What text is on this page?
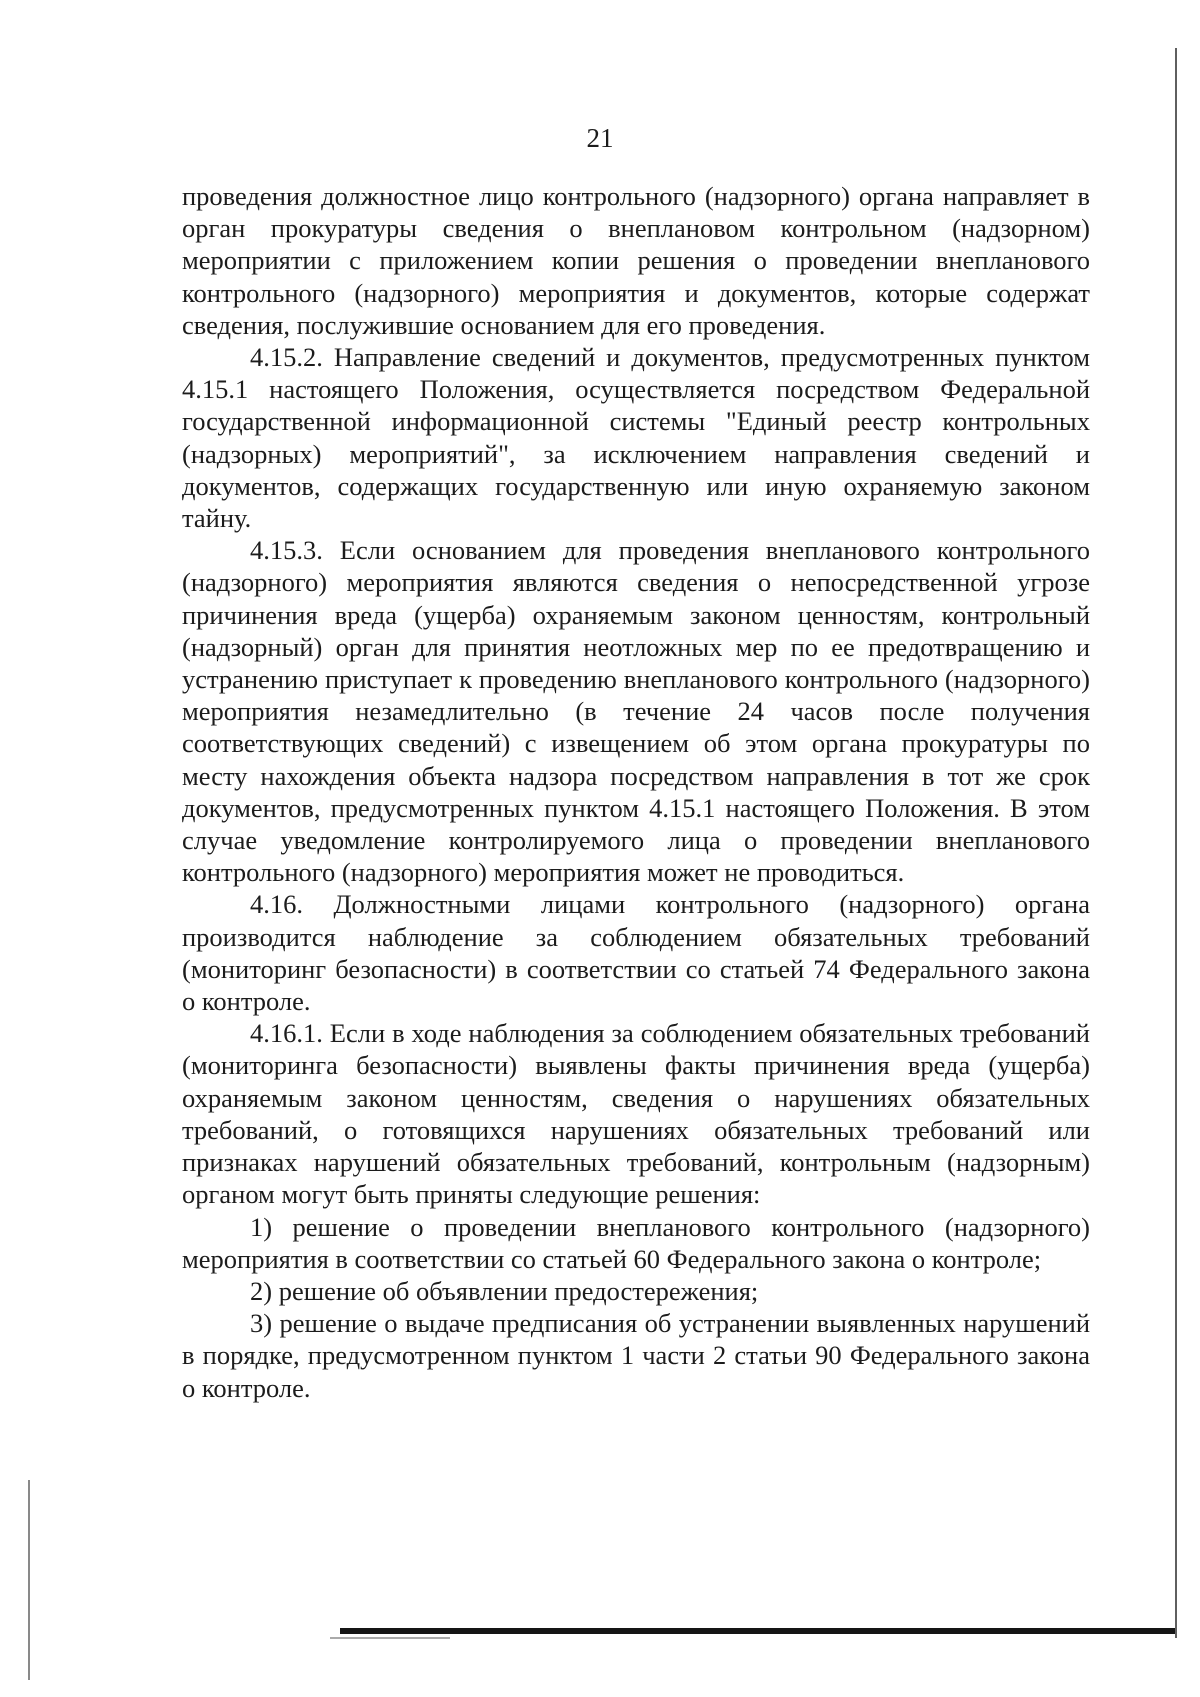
21

проведения должностное лицо контрольного (надзорного) органа направляет в орган прокуратуры сведения о внеплановом контрольном (надзорном) мероприятии с приложением копии решения о проведении внепланового контрольного (надзорного) мероприятия и документов, которые содержат сведения, послужившие основанием для его проведения.

4.15.2. Направление сведений и документов, предусмотренных пунктом 4.15.1 настоящего Положения, осуществляется посредством Федеральной государственной информационной системы "Единый реестр контрольных (надзорных) мероприятий", за исключением направления сведений и документов, содержащих государственную или иную охраняемую законом тайну.

4.15.3. Если основанием для проведения внепланового контрольного (надзорного) мероприятия являются сведения о непосредственной угрозе причинения вреда (ущерба) охраняемым законом ценностям, контрольный (надзорный) орган для принятия неотложных мер по ее предотвращению и устранению приступает к проведению внепланового контрольного (надзорного) мероприятия незамедлительно (в течение 24 часов после получения соответствующих сведений) с извещением об этом органа прокуратуры по месту нахождения объекта надзора посредством направления в тот же срок документов, предусмотренных пунктом 4.15.1 настоящего Положения. В этом случае уведомление контролируемого лица о проведении внепланового контрольного (надзорного) мероприятия может не проводиться.

4.16. Должностными лицами контрольного (надзорного) органа производится наблюдение за соблюдением обязательных требований (мониторинг безопасности) в соответствии со статьей 74 Федерального закона о контроле.

4.16.1. Если в ходе наблюдения за соблюдением обязательных требований (мониторинга безопасности) выявлены факты причинения вреда (ущерба) охраняемым законом ценностям, сведения о нарушениях обязательных требований, о готовящихся нарушениях обязательных требований или признаках нарушений обязательных требований, контрольным (надзорным) органом могут быть приняты следующие решения:

1) решение о проведении внепланового контрольного (надзорного) мероприятия в соответствии со статьей 60 Федерального закона о контроле;

2) решение об объявлении предостережения;

3) решение о выдаче предписания об устранении выявленных нарушений в порядке, предусмотренном пунктом 1 части 2 статьи 90 Федерального закона о контроле.
